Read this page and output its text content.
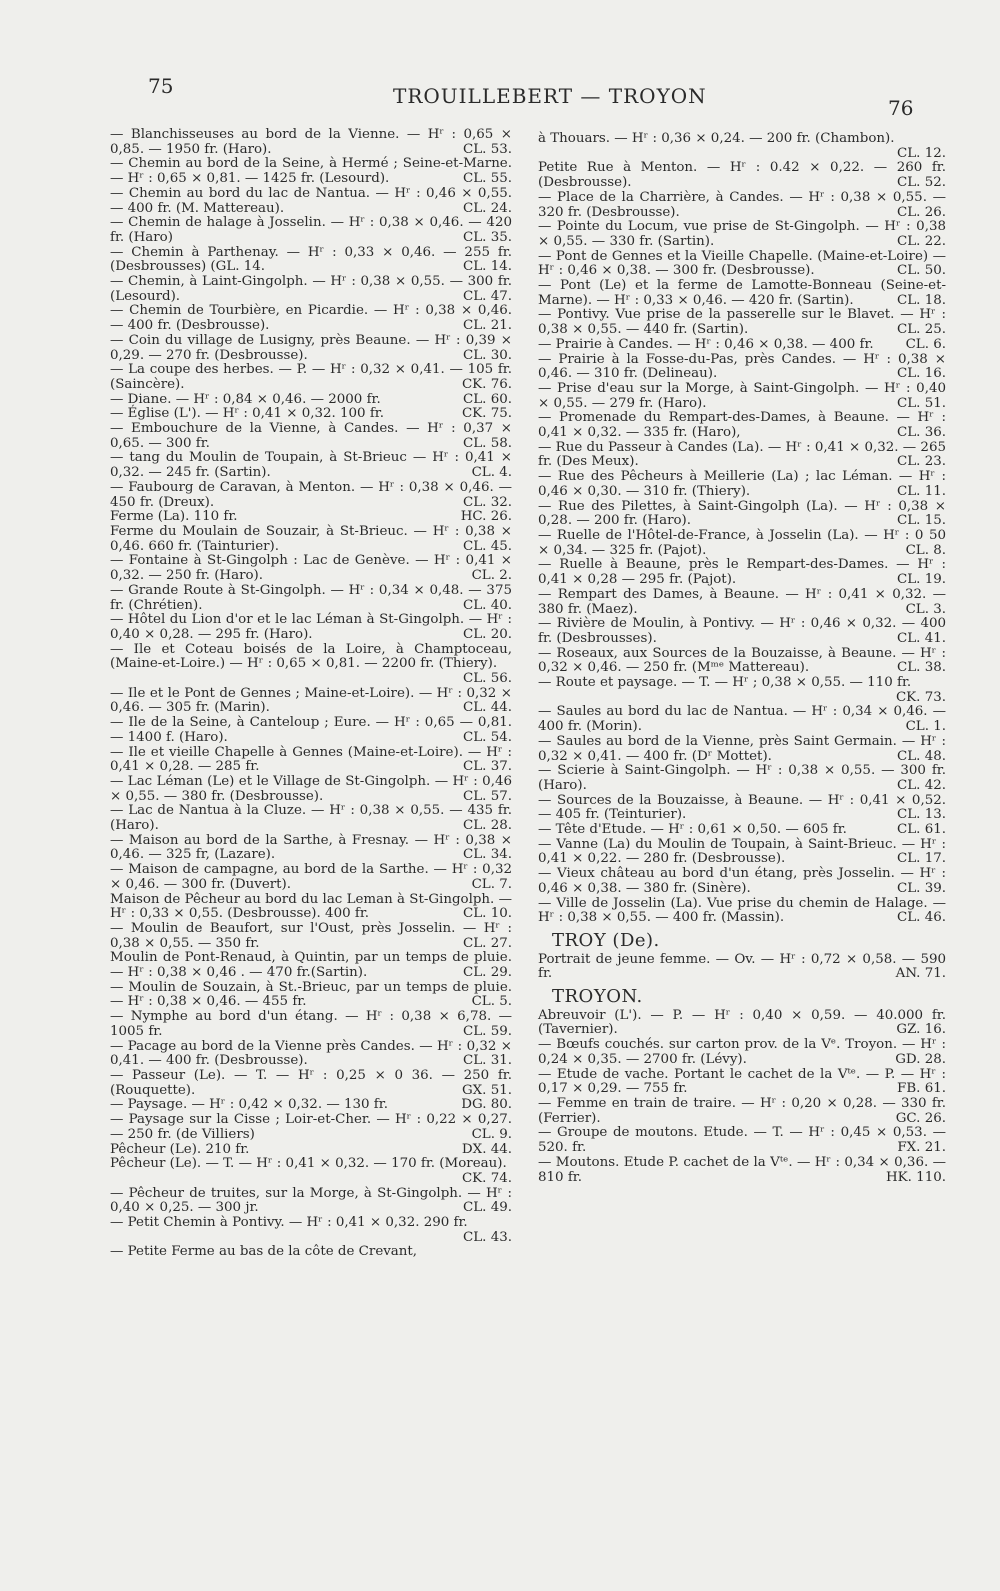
75	TROUILLEBERT — TROYON	76

— Blanchisseuses au bord de la Vienne. — Hʳ : 0,65 × 0,85. — 1950 fr. (Haro).	CL. 53.

— Chemin au bord de la Seine, à Hermé ; Seine-et-Marne. — Hʳ : 0,65 × 0,81. — 1425 fr. (Lesourd).	CL. 55.

— Chemin au bord du lac de Nantua. — Hʳ : 0,46 × 0,55. — 400 fr. (M. Mattereau).	CL. 24.

— Chemin de halage à Josselin. — Hʳ : 0,38 × 0,46. — 420 fr. (Haro)	CL. 35.

— Chemin à Parthenay. — Hʳ : 0,33 × 0,46. — 255 fr. (Desbrousses) (GL. 14.	CL. 14.

— Chemin, à Laint-Gingolph. — Hʳ : 0,38 × 0,55. — 300 fr. (Lesourd).	CL. 47.

— Chemin de Tourbière, en Picardie. — Hʳ : 0,38 × 0,46. — 400 fr. (Desbrousse).	CL. 21.

— Coin du village de Lusigny, près Beaune. — Hʳ : 0,39 × 0,29. — 270 fr. (Desbrousse).	CL. 30.

— La coupe des herbes. — P. — Hʳ : 0,32 × 0,41. — 105 fr. (Saincère).	CK. 76.

— Diane. — Hʳ : 0,84 × 0,46. — 2000 fr.	CL. 60.

— Église (L'). — Hʳ : 0,41 × 0,32. 100 fr.	CK. 75.

— Embouchure de la Vienne, à Candes. — Hʳ : 0,37 × 0,65. — 300 fr.	CL. 58.

— tang du Moulin de Toupain, à St-Brieuc — Hʳ : 0,41 × 0,32. — 245 fr. (Sartin).	CL. 4.

— Faubourg de Caravan, à Menton. — Hʳ : 0,38 × 0,46. — 450 fr. (Dreux).	CL. 32.

Ferme (La). 110 fr.	HC. 26.

Ferme du Moulain de Souzair, à St-Brieuc. — Hʳ : 0,38 × 0,46. 660 fr. (Tainturier).	CL. 45.

— Fontaine à St-Gingolph : Lac de Genève. — Hʳ : 0,41 × 0,32. — 250 fr. (Haro).	CL. 2.

— Grande Route à St-Gingolph. — Hʳ : 0,34 × 0,48. — 375 fr. (Chrétien).	CL. 40.

— Hôtel du Lion d'or et le lac Léman à St-Gingolph. — Hʳ : 0,40 × 0,28. — 295 fr. (Haro).	CL. 20.

— Ile et Coteau boisés de la Loire, à Champtoceau, (Maine-et-Loire.) — Hʳ : 0,65 × 0,81. — 2200 fr. (Thiery).
CL. 56.

— Ile et le Pont de Gennes ; Maine-et-Loire). — Hʳ : 0,32 × 0,46. — 305 fr. (Marin).	CL. 44.

— Ile de la Seine, à Canteloup ; Eure. — Hʳ : 0,65 — 0,81. — 1400 f. (Haro).	CL. 54.

— Ile et vieille Chapelle à Gennes (Maine-et-Loire). — Hʳ : 0,41 × 0,28. — 285 fr.	CL. 37.

— Lac Léman (Le) et le Village de St-Gingolph. — Hʳ : 0,46 × 0,55. — 380 fr. (Desbrousse).	CL. 57.

— Lac de Nantua à la Cluze. — Hʳ : 0,38 × 0,55. — 435 fr. (Haro).	CL. 28.

— Maison au bord de la Sarthe, à Fresnay. — Hʳ : 0,38 × 0,46. — 325 fr, (Lazare).	CL. 34.

— Maison de campagne, au bord de la Sarthe. — Hʳ : 0,32 × 0,46. — 300 fr. (Duvert).	CL. 7.

Maison de Pêcheur au bord du lac Leman à St-Gingolph. — Hʳ : 0,33 × 0,55. (Desbrousse). 400 fr.	CL. 10.

— Moulin de Beaufort, sur l'Oust, près Josselin. — Hʳ : 0,38 × 0,55. — 350 fr.	CL. 27.

Moulin de Pont-Renaud, à Quintin, par un temps de pluie. — Hʳ : 0,38 × 0,46 . — 470 fr.(Sartin).	CL. 29.

— Moulin de Souzain, à St.-Brieuc, par un temps de pluie. — Hʳ : 0,38 × 0,46. — 455 fr.	CL. 5.

— Nymphe au bord d'un étang. — Hʳ : 0,38 × 6,78. — 1005 fr.	CL. 59.

— Pacage au bord de la Vienne près Candes. — Hʳ : 0,32 × 0,41. — 400 fr. (Desbrousse).	CL. 31.

— Passeur (Le). — T. — Hʳ : 0,25 × 0 36. — 250 fr. (Rouquette).	GX. 51.

— Paysage. — Hʳ : 0,42 × 0,32. — 130 fr.	DG. 80.

— Paysage sur la Cisse ; Loir-et-Cher. — Hʳ : 0,22 × 0,27. — 250 fr. (de Villiers)	CL. 9.

Pêcheur (Le). 210 fr.	DX. 44.

Pêcheur (Le). — T. — Hʳ : 0,41 × 0,32. — 170 fr. (Moreau).
CK. 74.

— Pêcheur de truites, sur la Morge, à St-Gingolph. — Hʳ : 0,40 × 0,25. — 300 jr.	CL. 49.

— Petit Chemin à Pontivy. — Hʳ : 0,41 × 0,32. 290 fr.
CL. 43.

— Petite Ferme au bas de la côte de Crevant,

à Thouars. — Hʳ : 0,36 × 0,24. — 200 fr. (Chambon).
CL. 12.

Petite Rue à Menton. — Hʳ : 0.42 × 0,22. — 260 fr. (Desbrousse).	CL. 52.

— Place de la Charrière, à Candes. — Hʳ : 0,38 × 0,55. — 320 fr. (Desbrousse).	CL. 26.

— Pointe du Locum, vue prise de St-Gingolph. — Hʳ : 0,38 × 0,55. — 330 fr. (Sartin).	CL. 22.

— Pont de Gennes et la Vieille Chapelle. (Maine-et-Loire) — Hʳ : 0,46 × 0,38. — 300 fr. (Desbrousse).	CL. 50.

— Pont (Le) et la ferme de Lamotte-Bonneau (Seine-et-Marne). — Hʳ : 0,33 × 0,46. — 420 fr. (Sartin).	CL. 18.

— Pontivy. Vue prise de la passerelle sur le Blavet. — Hʳ : 0,38 × 0,55. — 440 fr. (Sartin).	CL. 25.

— Prairie à Candes. — Hʳ : 0,46 × 0,38. — 400 fr.	CL. 6.

— Prairie à la Fosse-du-Pas, près Candes. — Hʳ : 0,38 × 0,46. — 310 fr. (Delineau).	CL. 16.

— Prise d'eau sur la Morge, à Saint-Gingolph. — Hʳ : 0,40 × 0,55. — 279 fr. (Haro).	CL. 51.

— Promenade du Rempart-des-Dames, à Beaune. — Hʳ : 0,41 × 0,32. — 335 fr. (Haro),	CL. 36.

— Rue du Passeur à Candes (La). — Hʳ : 0,41 × 0,32. — 265 fr. (Des Meux).	CL. 23.

— Rue des Pêcheurs à Meillerie (La) ; lac Léman. — Hʳ : 0,46 × 0,30. — 310 fr. (Thiery).	CL. 11.

— Rue des Pilettes, à Saint-Gingolph (La). — Hʳ : 0,38 × 0,28. — 200 fr. (Haro).	CL. 15.

— Ruelle de l'Hôtel-de-France, à Josselin (La). — Hʳ : 0 50 × 0,34. — 325 fr. (Pajot).	CL. 8.

— Ruelle à Beaune, près le Rempart-des-Dames. — Hʳ : 0,41 × 0,28 — 295 fr. (Pajot).	CL. 19.

— Rempart des Dames, à Beaune. — Hʳ : 0,41 × 0,32. — 380 fr. (Maez).	CL. 3.

— Rivière de Moulin, à Pontivy. — Hʳ : 0,46 × 0,32. — 400 fr. (Desbrousses).	CL. 41.

— Roseaux, aux Sources de la Bouzaisse, à Beaune. — Hʳ : 0,32 × 0,46. — 250 fr. (Mᵐᵉ Mattereau).	CL. 38.

— Route et paysage. — T. — Hʳ ; 0,38 × 0,55. — 110 fr.
CK. 73.

— Saules au bord du lac de Nantua. — Hʳ : 0,34 × 0,46. — 400 fr. (Morin).	CL. 1.

— Saules au bord de la Vienne, près Saint Germain. — Hʳ : 0,32 × 0,41. — 400 fr. (Dʳ Mottet).	CL. 48.

— Scierie à Saint-Gingolph. — Hʳ : 0,38 × 0,55. — 300 fr. (Haro).	CL. 42.

— Sources de la Bouzaisse, à Beaune. — Hʳ : 0,41 × 0,52. — 405 fr. (Teinturier).	CL. 13.

— Tête d'Etude. — Hʳ : 0,61 × 0,50. — 605 fr.	CL. 61.

— Vanne (La) du Moulin de Toupain, à Saint-Brieuc. — Hʳ : 0,41 × 0,22. — 280 fr. (Desbrousse).	CL. 17.

— Vieux château au bord d'un étang, près Josselin. — Hʳ : 0,46 × 0,38. — 380 fr. (Sinère).	CL. 39.

— Ville de Josselin (La). Vue prise du chemin de Halage. — Hʳ : 0,38 × 0,55. — 400 fr. (Massin).	CL. 46.

TROY (De).

Portrait de jeune femme. — Ov. — Hʳ : 0,72 × 0,58. — 590 fr.	AN. 71.

TROYON.

Abreuvoir (L'). — P. — Hʳ : 0,40 × 0,59. — 40.000 fr. (Tavernier).	GZ. 16.

— Bœufs couchés. sur carton prov. de la Vᵉ. Troyon. — Hʳ : 0,24 × 0,35. — 2700 fr. (Lévy).	GD. 28.

— Etude de vache. Portant le cachet de la Vᵗᵉ. — P. — Hʳ : 0,17 × 0,29. — 755 fr.	FB. 61.

— Femme en train de traire. — Hʳ : 0,20 × 0,28. — 330 fr. (Ferrier).	GC. 26.

— Groupe de moutons. Etude. — T. — Hʳ : 0,45 × 0,53. — 520. fr.	FX. 21.

— Moutons. Etude P. cachet de la Vᵗᵉ. — Hʳ : 0,34 × 0,36. — 810 fr.	HK. 110.
